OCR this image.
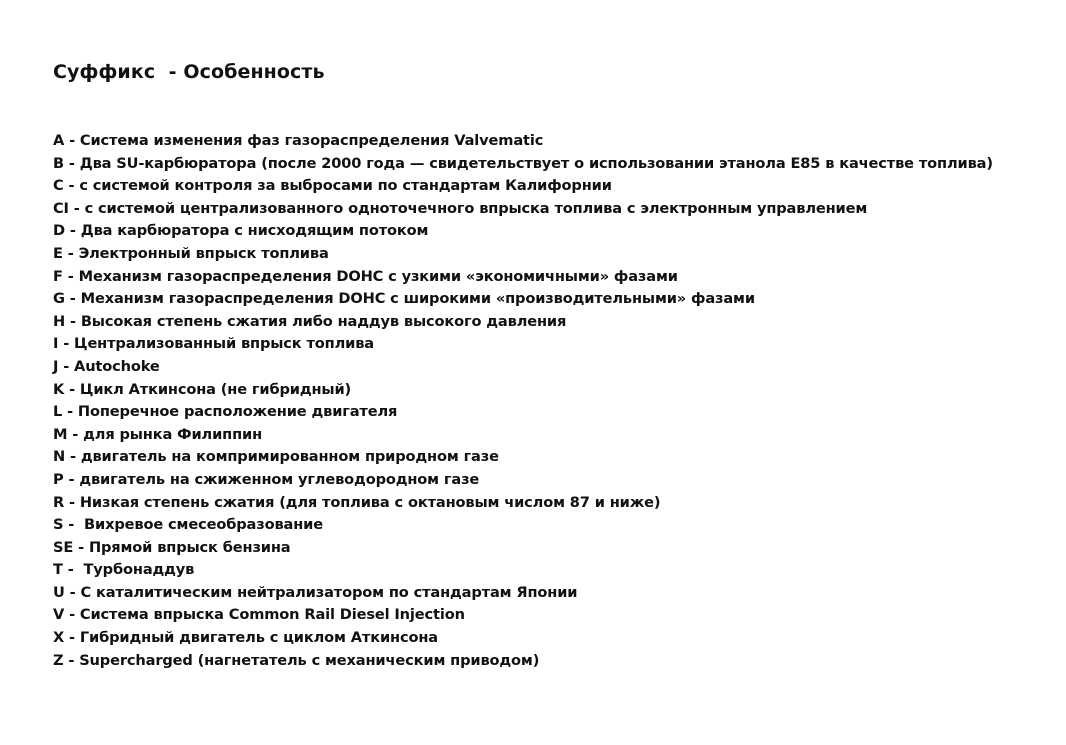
Суффикс  - Особенность
A - Система изменения фаз газораспределения Valvematic
B - Два SU-карбюратора (после 2000 года — свидетельствует о использовании этанола Е85 в качестве топлива)
C - с системой контроля за выбросами по стандартам Калифорнии
CI - с системой централизованного одноточечного впрыска топлива с электронным управлением
D - Два карбюратора с нисходящим потоком
E - Электронный впрыск топлива
F - Механизм газораспределения DOHC с узкими «экономичными» фазами
G - Механизм газораспределения DOHC с широкими «производительными» фазами
H - Высокая степень сжатия либо наддув высокого давления
I - Централизованный впрыск топлива
J - Autochoke
K - Цикл Аткинсона (не гибридный)
L - Поперечное расположение двигателя
M - для рынка Филиппин
N - двигатель на компримированном природном газе
P - двигатель на сжиженном углеводородном газе
R - Низкая степень сжатия (для топлива с октановым числом 87 и ниже)
S -  Вихревое смесеобразование
SE - Прямой впрыск бензина
T -  Турбонаддув
U - С каталитическим нейтрализатором по стандартам Японии
V - Система впрыска Common Rail Diesel Injection
X - Гибридный двигатель с циклом Аткинсона
Z - Supercharged (нагнетатель с механическим приводом)
